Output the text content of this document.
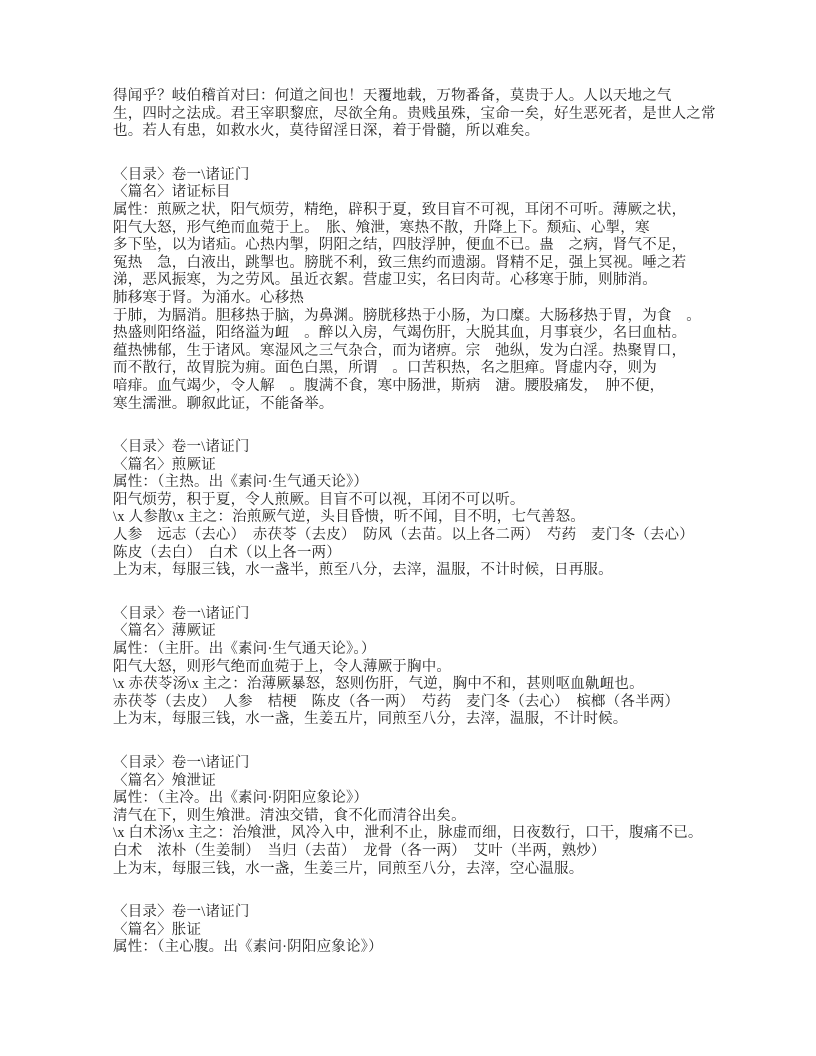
得闻乎？岐伯稽首对曰：何道之间也！天覆地载，万物番备，莫贵于人。人以天地之气
生，四时之法成。君王宰职黎庶，尽欲全角。贵贱虽殊，宝命一矣，好生恶死者，是世人之常
也。若人有患，如救水火，莫待留淫日深，着于骨髓，所以难矣。
〈目录〉卷一\诸证门
〈篇名〉诸证标目
属性：煎厥之状，阳气烦劳，精绝，辟积于夏，致目盲不可视，耳闭不可听。薄厥之状，
阳气大怒，形气绝而血菀于上。　胀、飧泄，寒热不散，升降上下。颓疝、心掣，寒
多下坠，以为诸疝。心热内掣，阴阳之结，四肢浮肿，便血不已。蛊　之病，肾气不足，
冤热　急，白液出，跳掣也。膀胱不利，致三焦约而遗溺。肾精不足，强上冥视。唾之若
涕，恶风振寒，为之劳风。虽近衣絮。营虚卫实，名曰肉苛。心移寒于肺，则肺消。
肺移寒于肾。为涌水。心移热
于肺，为膈消。胆移热于脑，为鼻渊。膀胱移热于小肠，为口糜。大肠移热于胃，为食　。
热盛则阳络溢，阳络溢为衄　。醉以入房，气竭伤肝，大脱其血，月事衰少，名曰血枯。
蕴热怫郁，生于诸风。寒湿风之三气杂合，而为诸痹。宗　弛纵，发为白淫。热聚胃口，
而不散行，故胃脘为痈。面色白黑，所谓　。口苦积热，名之胆瘅。肾虚内夺，则为
喑痱。血气竭少，令人解　。腹满不食，寒中肠泄，斯病　溏。腰股痛发，　肿不便，
寒生濡泄。聊叙此证，不能备举。
〈目录〉卷一\诸证门
〈篇名〉煎厥证
属性：（主热。出《素问·生气通天论》）
阳气烦劳，积于夏，令人煎厥。目盲不可以视，耳闭不可以听。
\x 人参散\x 主之：治煎厥气逆，头目昏愦，听不闻，目不明，七气善怒。
人参　远志（去心）　赤茯苓（去皮）　防风（去苗。以上各二两）　芍药　麦门冬（去心）
陈皮（去白）　白术（以上各一两）
上为末，每服三钱，水一盏半，煎至八分，去滓，温服，不计时候，日再服。
〈目录〉卷一\诸证门
〈篇名〉薄厥证
属性：（主肝。出《素问·生气通天论》。）
阳气大怒，则形气绝而血菀于上，令人薄厥于胸中。
\x 赤茯苓汤\x 主之：治薄厥暴怒，怒则伤肝，气逆，胸中不和，甚则呕血鼽衄也。
赤茯苓（去皮）　人参　桔梗　陈皮（各一两）　芍药　麦门冬（去心）　槟榔（各半两）
上为末，每服三钱，水一盏，生姜五片，同煎至八分，去滓，温服，不计时候。
〈目录〉卷一\诸证门
〈篇名〉飧泄证
属性：（主冷。出《素问·阴阳应象论》）
清气在下，则生飧泄。清浊交错，食不化而清谷出矣。
\x 白术汤\x 主之：治飧泄，风冷入中，泄利不止，脉虚而细，日夜数行，口干，腹痛不已。
白术　浓朴（生姜制）　当归（去苗）　龙骨（各一两）　艾叶（半两，熟炒）
上为末，每服三钱，水一盏，生姜三片，同煎至八分，去滓，空心温服。
〈目录〉卷一\诸证门
〈篇名〉胀证
属性：（主心腹。出《素问·阴阳应象论》）
